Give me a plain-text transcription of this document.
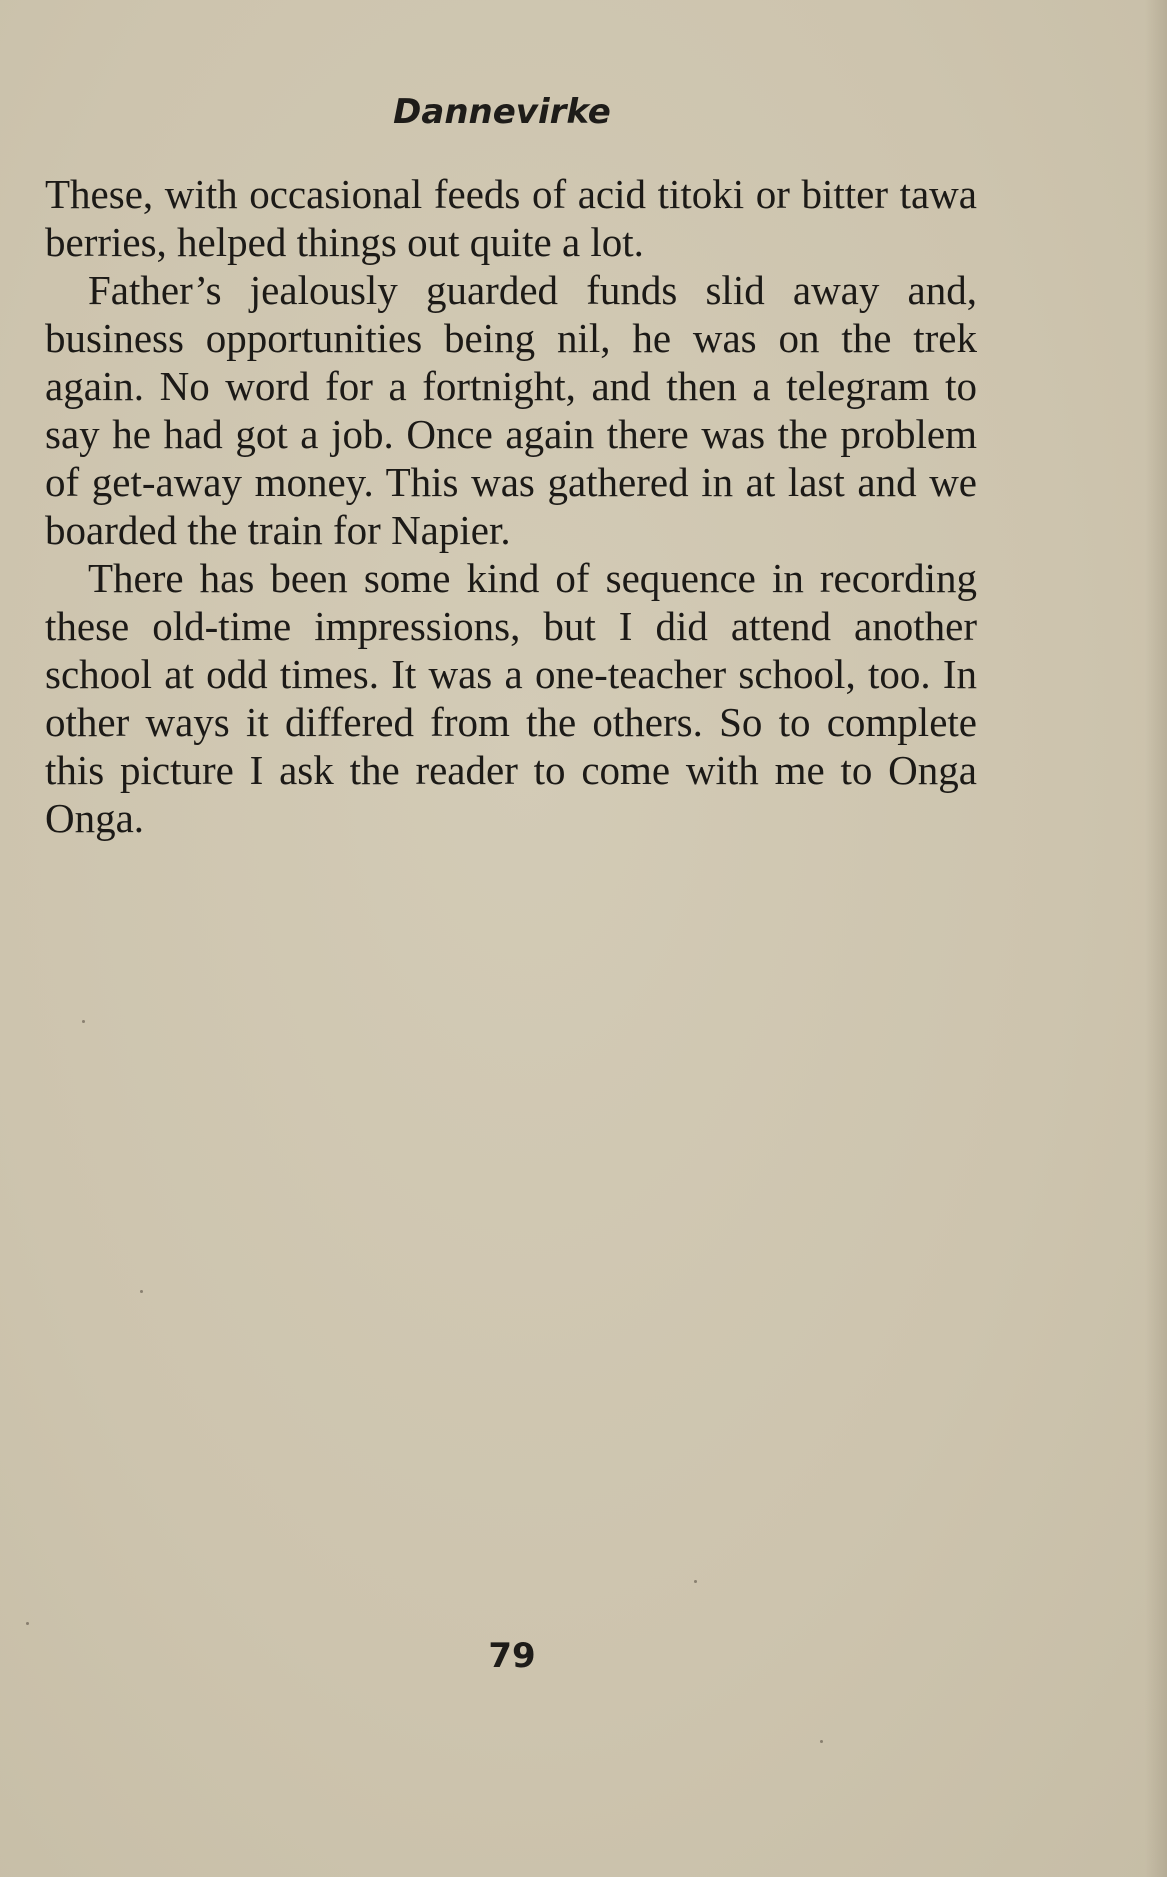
Dannevirke

These, with occasional feeds of acid titoki or bitter tawa berries, helped things out quite a lot.

Father’s jealously guarded funds slid away and, business opportunities being nil, he was on the trek again. No word for a fortnight, and then a telegram to say he had got a job. Once again there was the problem of get-away money. This was gathered in at last and we boarded the train for Napier.

There has been some kind of sequence in recording these old-time impressions, but I did attend another school at odd times. It was a one-teacher school, too. In other ways it differed from the others. So to complete this picture I ask the reader to come with me to Onga Onga.

79
